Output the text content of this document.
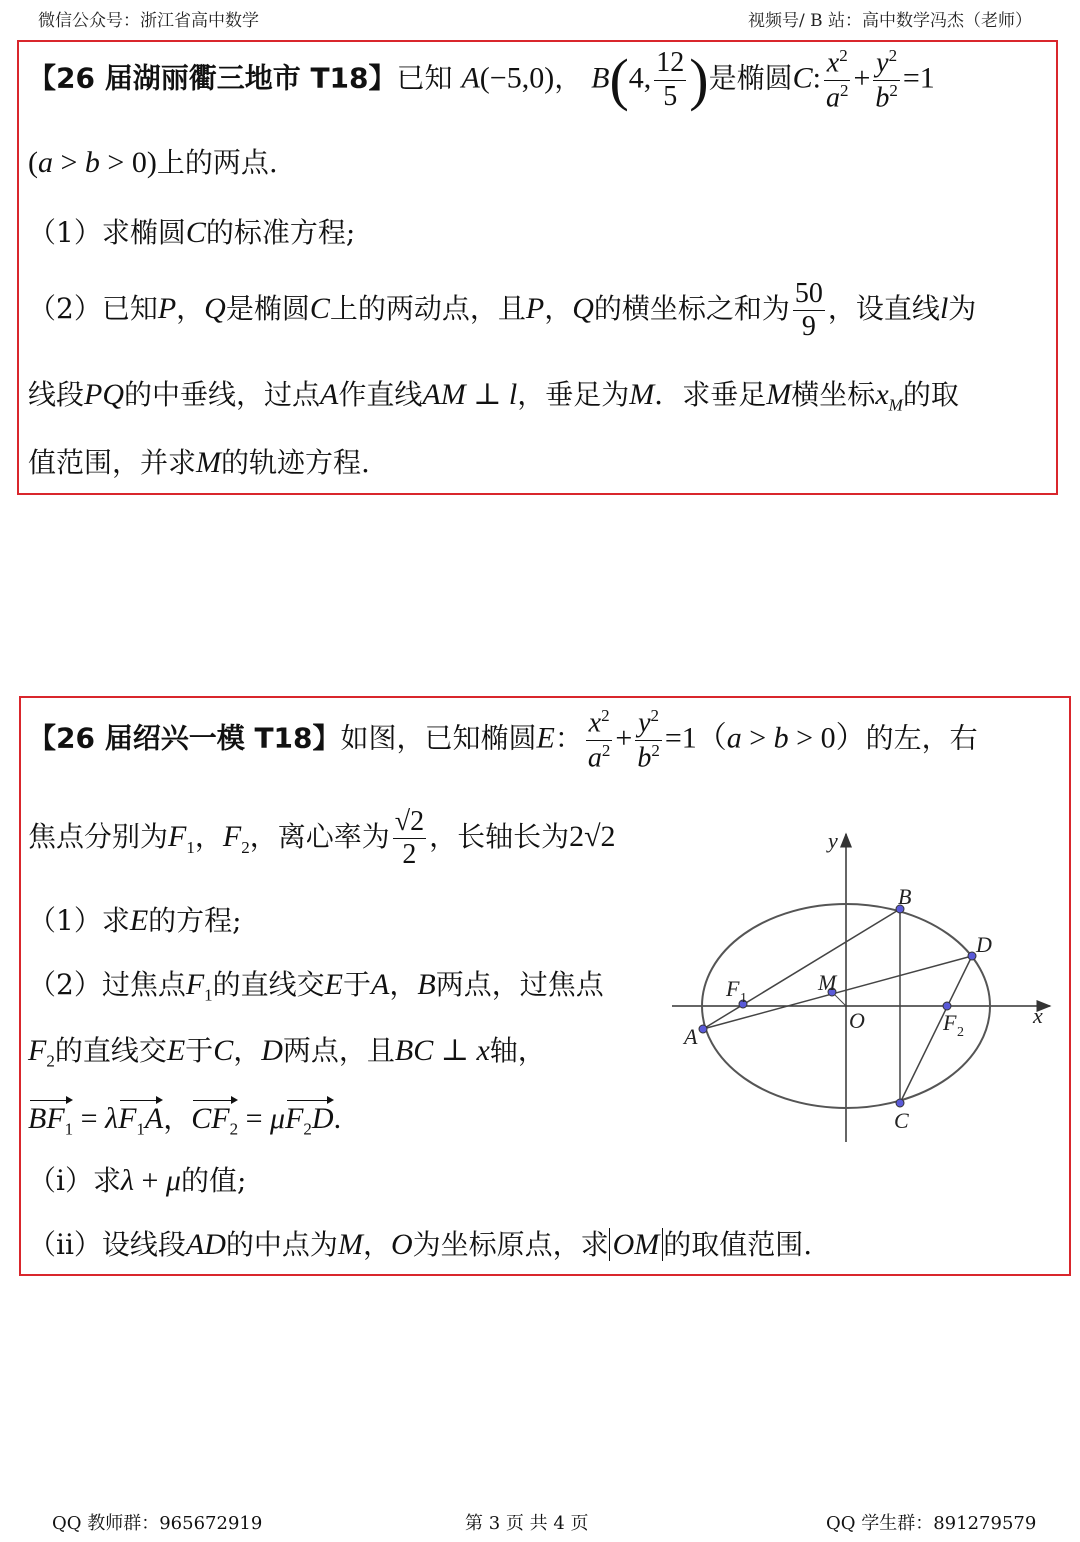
微信公众号：浙江省高中数学	视频号/ B 站：高中数学冯杰（老师）
【26 届湖丽衢三地市 T18】已知 A(−5,0)， B(4, $\frac{12}{5}$ )是椭圆C: $\frac{x^2}{a^2} + \frac{y^2}{b^2} =1$
(a > b > 0)上的两点.
（1）求椭圆C的标准方程;
（2）已知P，Q是椭圆C上的两动点，且P，Q的横坐标之和为 $\frac{50}{9}$ ，设直线l为
线段PQ的中垂线，过点A作直线AM ⊥ l，垂足为M．求垂足M横坐标$x_M$的取
值范围，并求M的轨迹方程.
【26 届绍兴一模 T18】如图，已知椭圆E： $\frac{x^2}{a^2} + \frac{y^2}{b^2} =1(a > b > 0)$的左，右
焦点分别为$F_1$，$F_2$，离心率为 $\frac{√2}{2}$ ，长轴长为2√2
（1）求E的方程;
（2）过焦点$F_1$的直线交E于A，B两点，过焦点
$F_2$的直线交E于C，D两点，且BC ⊥ x轴，
$BF_1 = \lambda F_1A$，$CF_2 = \mu F_2D$.
（i）求λ + μ的值;
（ii）设线段AD的中点为M，O为坐标原点，求 OM 的取值范围.
y
x
O
A
B
C
D
M
F 1
F 2
QQ 教师群：965672919	第 3 页 共 4 页	QQ 学生群：891279579
